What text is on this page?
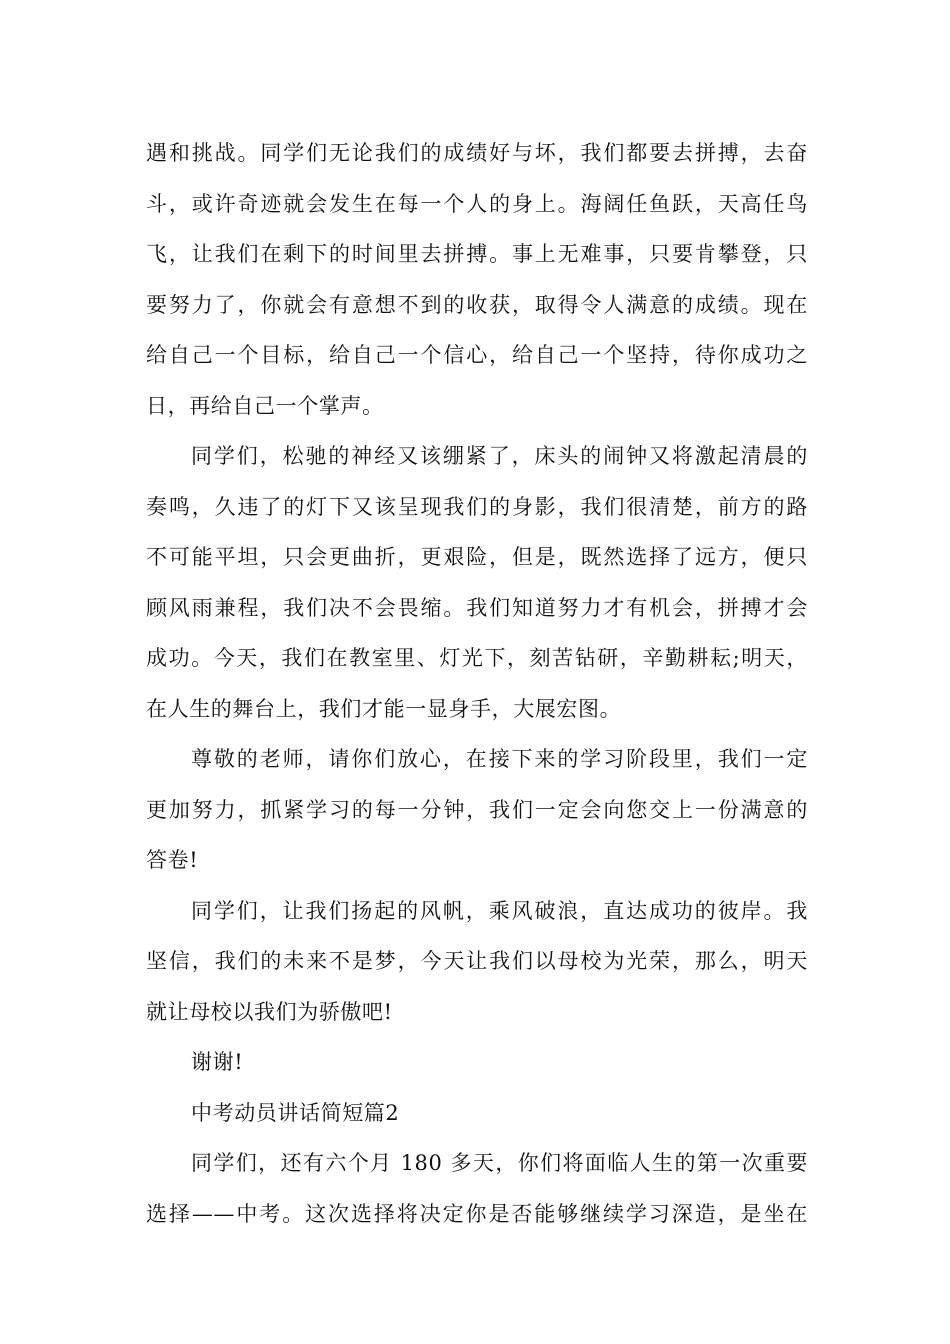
遇和挑战。同学们无论我们的成绩好与坏，我们都要去拼搏，去奋
斗，或许奇迹就会发生在每一个人的身上。海阔任鱼跃，天高任鸟
飞，让我们在剩下的时间里去拼搏。事上无难事，只要肯攀登，只
要努力了，你就会有意想不到的收获，取得令人满意的成绩。现在
给自己一个目标，给自己一个信心，给自己一个坚持，待你成功之
日，再给自己一个掌声。
同学们，松驰的神经又该绷紧了，床头的闹钟又将激起清晨的
奏鸣，久违了的灯下又该呈现我们的身影，我们很清楚，前方的路
不可能平坦，只会更曲折，更艰险，但是，既然选择了远方，便只
顾风雨兼程，我们决不会畏缩。我们知道努力才有机会，拼搏才会
成功。今天，我们在教室里、灯光下，刻苦钻研，辛勤耕耘;明天，
在人生的舞台上，我们才能一显身手，大展宏图。
尊敬的老师，请你们放心，在接下来的学习阶段里，我们一定
更加努力，抓紧学习的每一分钟，我们一定会向您交上一份满意的
答卷!
同学们，让我们扬起的风帆，乘风破浪，直达成功的彼岸。我
坚信，我们的未来不是梦，今天让我们以母校为光荣，那么，明天
就让母校以我们为骄傲吧!
谢谢!
中考动员讲话简短篇2
同学们，还有六个月 180 多天，你们将面临人生的第一次重要
选择——中考。这次选择将决定你是否能够继续学习深造，是坐在
